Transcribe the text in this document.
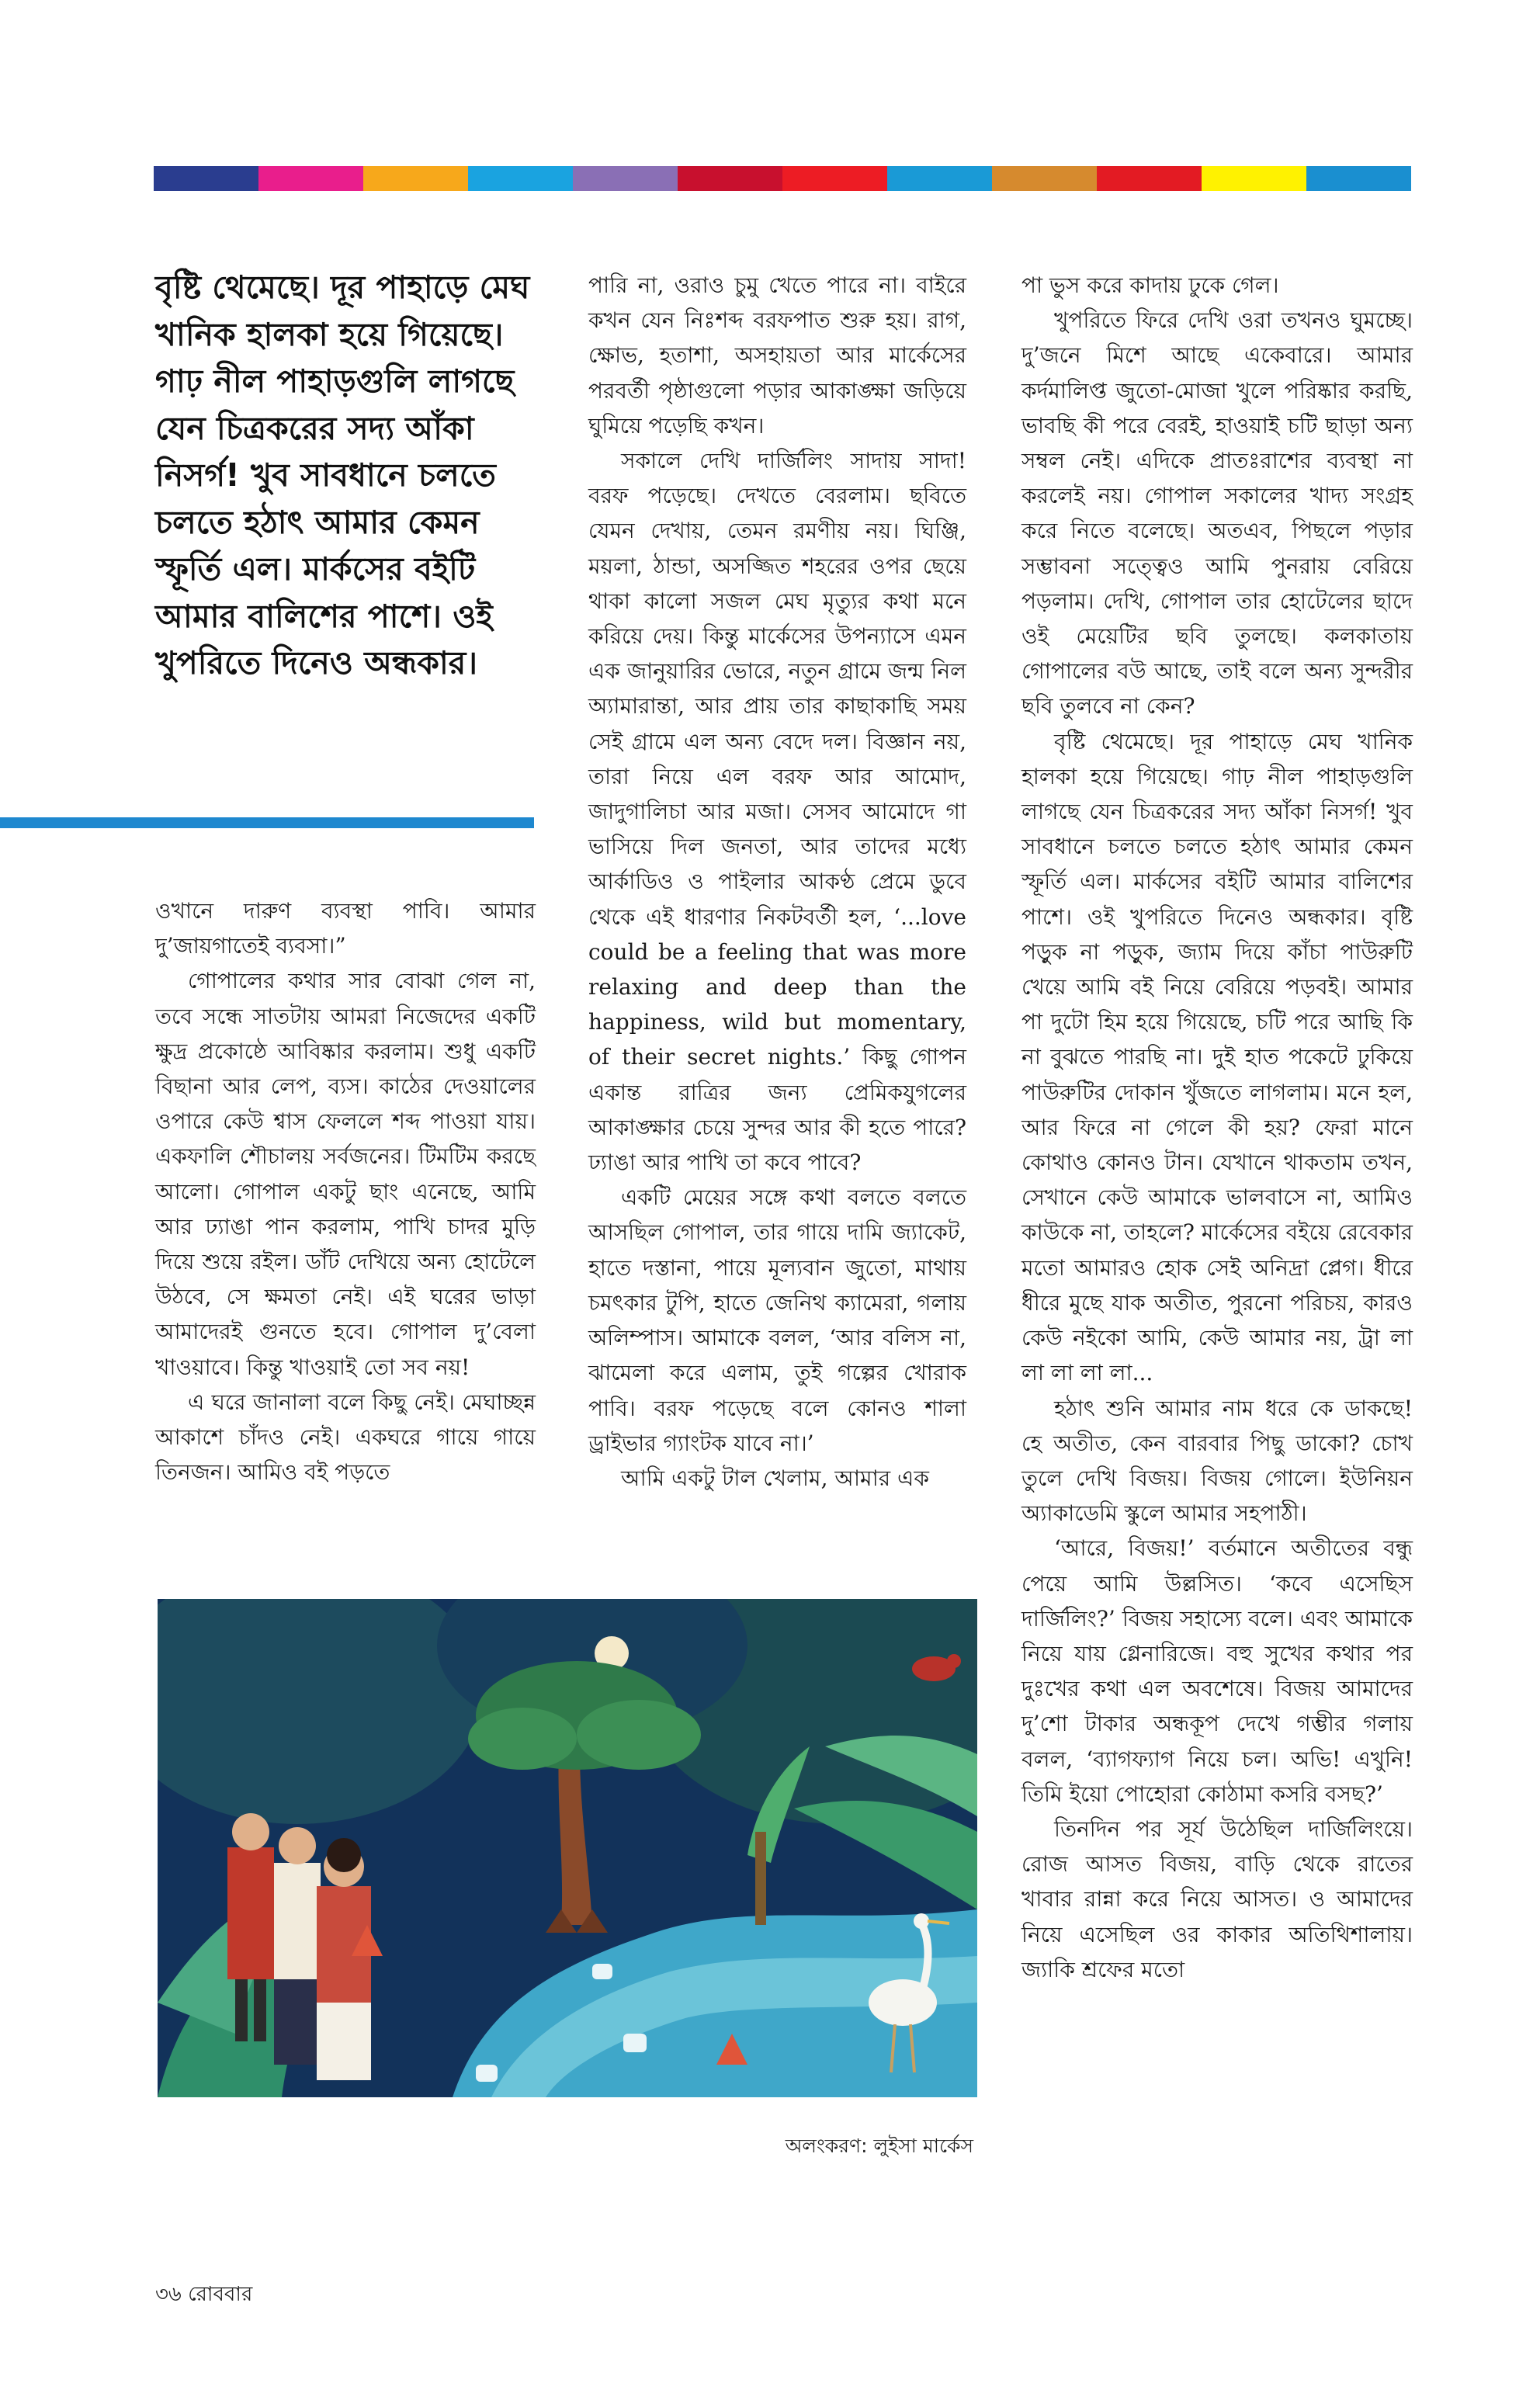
বৃষ্টি থেমেছে। দূর পাহাড়ে মেঘ খানিক হালকা হয়ে গিয়েছে। গাঢ় নীল পাহাড়গুলি লাগছে যেন চিত্রকরের সদ্য আঁকা নিসর্গ! খুব সাবধানে চলতে চলতে হঠাৎ আমার কেমন স্ফূর্তি এল। মার্কসের বইটি আমার বালিশের পাশে। ওই খুপরিতে দিনেও অন্ধকার।

ওখানে দারুণ ব্যবস্থা পাবি। আমার দু’জায়গাতেই ব্যবসা।”

গোপালের কথার সার বোঝা গেল না, তবে সন্ধে সাতটায় আমরা নিজেদের একটি ক্ষুদ্র প্রকোষ্ঠে আবিষ্কার করলাম। শুধু একটি বিছানা আর লেপ, ব্যস। কাঠের দেওয়ালের ওপারে কেউ শ্বাস ফেললে শব্দ পাওয়া যায়। একফালি শৌচালয় সর্বজনের। টিমটিম করছে আলো। গোপাল একটু ছাং এনেছে, আমি আর ঢ্যাঙা পান করলাম, পাখি চাদর মুড়ি দিয়ে শুয়ে রইল। ডাঁট দেখিয়ে অন্য হোটেলে উঠবে, সে ক্ষমতা নেই। এই ঘরের ভাড়া আমাদেরই গুনতে হবে। গোপাল দু’বেলা খাওয়াবে। কিন্তু খাওয়াই তো সব নয়!

এ ঘরে জানালা বলে কিছু নেই। মেঘাচ্ছন্ন আকাশে চাঁদও নেই। একঘরে গায়ে গায়ে তিনজন। আমিও বই পড়তে

পারি না, ওরাও চুমু খেতে পারে না। বাইরে কখন যেন নিঃশব্দ বরফপাত শুরু হয়। রাগ, ক্ষোভ, হতাশা, অসহায়তা আর মার্কেসের পরবর্তী পৃষ্ঠাগুলো পড়ার আকাঙ্ক্ষা জড়িয়ে ঘুমিয়ে পড়েছি কখন।

সকালে দেখি দার্জিলিং সাদায় সাদা! বরফ পড়েছে। দেখতে বেরলাম। ছবিতে যেমন দেখায়, তেমন রমণীয় নয়। ঘিঞ্জি, ময়লা, ঠান্ডা, অসজ্জিত শহরের ওপর ছেয়ে থাকা কালো সজল মেঘ মৃত্যুর কথা মনে করিয়ে দেয়। কিন্তু মার্কেসের উপন্যাসে এমন এক জানুয়ারির ভোরে, নতুন গ্রামে জন্ম নিল অ্যামারান্তা, আর প্রায় তার কাছাকাছি সময় সেই গ্রামে এল অন্য বেদে দল। বিজ্ঞান নয়, তারা নিয়ে এল বরফ আর আমোদ, জাদুগালিচা আর মজা। সেসব আমোদে গা ভাসিয়ে দিল জনতা, আর তাদের মধ্যে আর্কাডিও ও পাইলার আকণ্ঠ প্রেমে ডুবে থেকে এই ধারণার নিকটবর্তী হল, ‘...love could be a feeling that was more relaxing and deep than the happiness, wild but momentary, of their secret nights.’ কিছু গোপন একান্ত রাত্রির জন্য প্রেমিকযুগলের আকাঙ্ক্ষার চেয়ে সুন্দর আর কী হতে পারে? ঢ্যাঙা আর পাখি তা কবে পাবে?

একটি মেয়ের সঙ্গে কথা বলতে বলতে আসছিল গোপাল, তার গায়ে দামি জ্যাকেট, হাতে দস্তানা, পায়ে মূল্যবান জুতো, মাথায় চমৎকার টুপি, হাতে জেনিথ ক্যামেরা, গলায় অলিম্পাস। আমাকে বলল, ‘আর বলিস না, ঝামেলা করে এলাম, তুই গল্পের খোরাক পাবি। বরফ পড়েছে বলে কোনও শালা ড্রাইভার গ্যাংটক যাবে না।’

আমি একটু টাল খেলাম, আমার এক

পা ভুস করে কাদায় ঢুকে গেল।

খুপরিতে ফিরে দেখি ওরা তখনও ঘুমচ্ছে। দু’জনে মিশে আছে একেবারে। আমার কর্দমালিপ্ত জুতো-মোজা খুলে পরিষ্কার করছি, ভাবছি কী পরে বেরই, হাওয়াই চটি ছাড়া অন্য সম্বল নেই। এদিকে প্রাতঃরাশের ব্যবস্থা না করলেই নয়। গোপাল সকালের খাদ্য সংগ্রহ করে নিতে বলেছে। অতএব, পিছলে পড়ার সম্ভাবনা সত্ত্বেও আমি পুনরায় বেরিয়ে পড়লাম। দেখি, গোপাল তার হোটেলের ছাদে ওই মেয়েটির ছবি তুলছে। কলকাতায় গোপালের বউ আছে, তাই বলে অন্য সুন্দরীর ছবি তুলবে না কেন?

বৃষ্টি থেমেছে। দূর পাহাড়ে মেঘ খানিক হালকা হয়ে গিয়েছে। গাঢ় নীল পাহাড়গুলি লাগছে যেন চিত্রকরের সদ্য আঁকা নিসর্গ! খুব সাবধানে চলতে চলতে হঠাৎ আমার কেমন স্ফূর্তি এল। মার্কসের বইটি আমার বালিশের পাশে। ওই খুপরিতে দিনেও অন্ধকার। বৃষ্টি পড়ুক না পড়ুক, জ্যাম দিয়ে কাঁচা পাউরুটি খেয়ে আমি বই নিয়ে বেরিয়ে পড়বই। আমার পা দুটো হিম হয়ে গিয়েছে, চটি পরে আছি কি না বুঝতে পারছি না। দুই হাত পকেটে ঢুকিয়ে পাউরুটির দোকান খুঁজতে লাগলাম। মনে হল, আর ফিরে না গেলে কী হয়? ফেরা মানে কোথাও কোনও টান। যেখানে থাকতাম তখন, সেখানে কেউ আমাকে ভালবাসে না, আমিও কাউকে না, তাহলে? মার্কেসের বইয়ে রেবেকার মতো আমারও হোক সেই অনিদ্রা প্লেগ। ধীরে ধীরে মুছে যাক অতীত, পুরনো পরিচয়, কারও কেউ নইকো আমি, কেউ আমার নয়, ট্রা লা লা লা লা লা...

হঠাৎ শুনি আমার নাম ধরে কে ডাকছে! হে অতীত, কেন বারবার পিছু ডাকো? চোখ তুলে দেখি বিজয়। বিজয় গোলে। ইউনিয়ন অ্যাকাডেমি স্কুলে আমার সহপাঠী।

‘আরে, বিজয়!’ বর্তমানে অতীতের বন্ধু পেয়ে আমি উল্লসিত। ‘কবে এসেছিস দার্জিলিং?’ বিজয় সহাস্যে বলে। এবং আমাকে নিয়ে যায় গ্লেনারিজে। বহু সুখের কথার পর দুঃখের কথা এল অবশেষে। বিজয় আমাদের দু’শো টাকার অন্ধকূপ দেখে গম্ভীর গলায় বলল, ‘ব্যাগফ্যাগ নিয়ে চল। অভি! এখুনি! তিমি ইয়ো পোহোরা কোঠামা কসরি বসছ?’

তিনদিন পর সূর্য উঠেছিল দার্জিলিংয়ে। রোজ আসত বিজয়, বাড়ি থেকে রাতের খাবার রান্না করে নিয়ে আসত। ও আমাদের নিয়ে এসেছিল ওর কাকার অতিথিশালায়। জ্যাকি শ্রফের মতো

অলংকরণ: লুইসা মার্কেস
৩৬ রোববার
